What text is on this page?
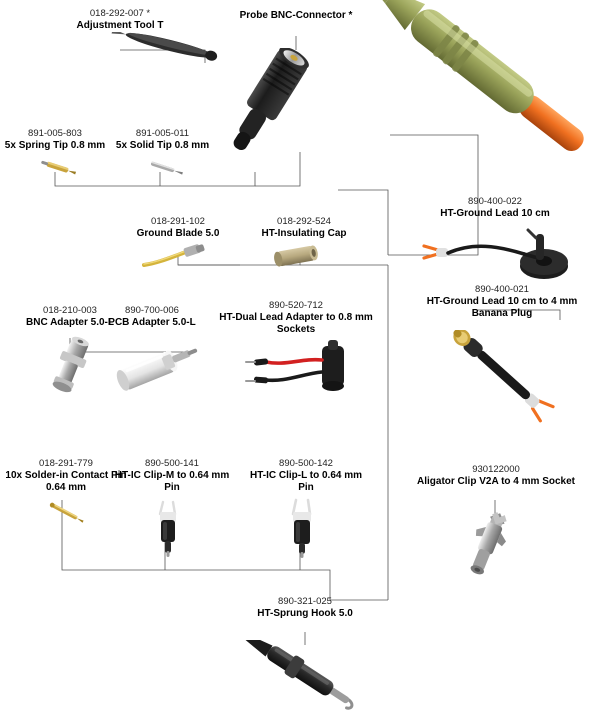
018-292-007 *
Adjustment Tool T
Probe BNC-Connector *
891-005-803
5x Spring Tip 0.8 mm
891-005-011
5x Solid Tip 0.8 mm
890-400-022
HT-Ground Lead 10 cm
018-291-102
Ground Blade 5.0
018-292-524
HT-Insulating Cap
018-210-003
BNC Adapter 5.0-L
890-700-006
PCB Adapter 5.0-L
890-520-712
HT-Dual Lead Adapter to 0.8 mm Sockets
890-400-021
HT-Ground Lead 10 cm to 4 mm Banana Plug
018-291-779
10x Solder-in Contact Pin 0.64 mm
890-500-141
HT-IC Clip-M to 0.64 mm Pin
890-500-142
HT-IC Clip-L to 0.64 mm Pin
930122000
Aligator Clip V2A to 4 mm Socket
890-321-025
HT-Sprung Hook 5.0
